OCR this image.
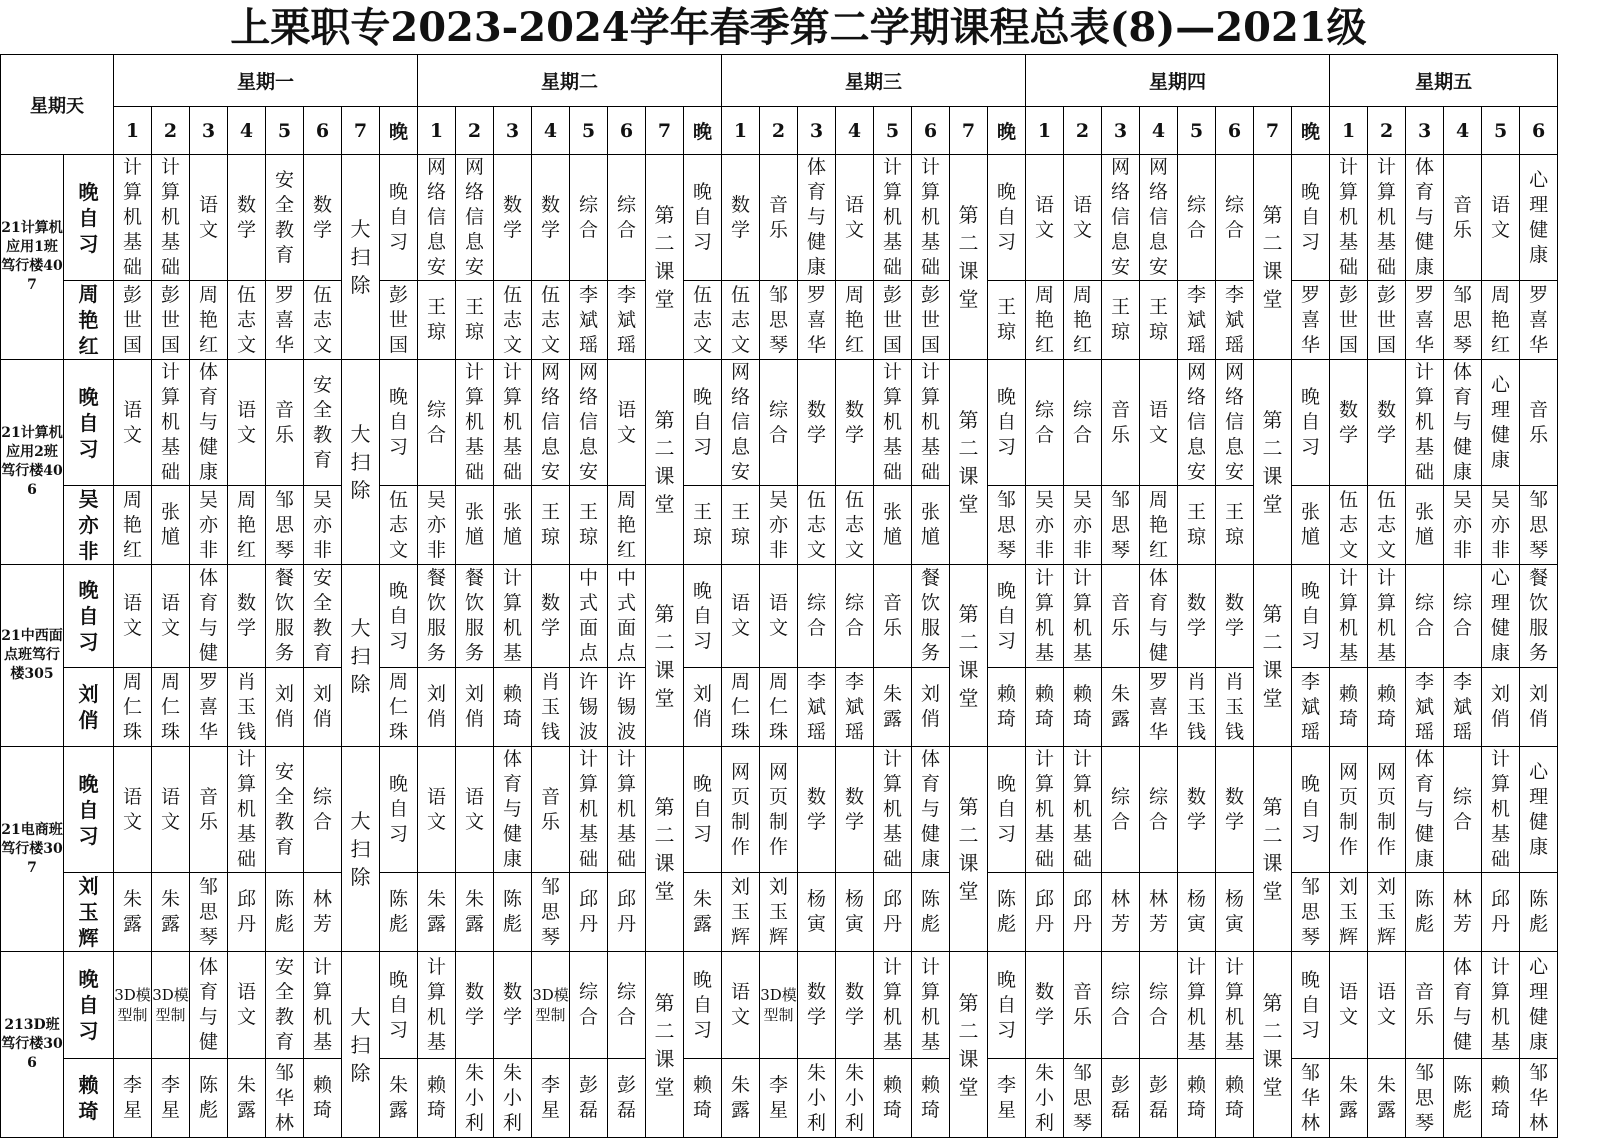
上栗职专2023-2024学年春季第二学期课程总表(8)—2021级
星期天		星期一								星期二								星期三								星期四								星期五					

		1	2	3	4	5	6	7	晚	1	2	3	4	5	6	7	晚	1	2	3	4	5	6	7	晚	1	2	3	4	5	6	7	晚	1	2	3	4	5	6

21计算机应用1班笃行楼407	晚自习	计算机基础	计算机基础	语文	数学	安全教育	数学	大扫除	晚自习	网络信息安	网络信息安	数学	数学	综合	综合	第二课堂	晚自习	数学	音乐	体育与健康	语文	计算机基础	计算机基础	第二课堂	晚自习	语文	语文	网络信息安	网络信息安	综合	综合	第二课堂	晚自习	计算机基础	计算机基础	体育与健康	音乐	语文	心理健康

	周艳红	彭世国	彭世国	周艳红	伍志文	罗喜华	伍志文		彭世国	王琼	王琼	伍志文	伍志文	李斌瑶	李斌瑶		伍志文	伍志文	邹思琴	罗喜华	周艳红	彭世国	彭世国		王琼	周艳红	周艳红	王琼	王琼	李斌瑶	李斌瑶		罗喜华	彭世国	彭世国	罗喜华	邹思琴	周艳红	罗喜华

21计算机应用2班笃行楼406	晚自习	语文	计算机基础	体育与健康	语文	音乐	安全教育	大扫除	晚自习	综合	计算机基础	计算机基础	网络信息安	网络信息安	语文	第二课堂	晚自习	网络信息安	综合	数学	数学	计算机基础	计算机基础	第二课堂	晚自习	综合	综合	音乐	语文	网络信息安	网络信息安	第二课堂	晚自习	数学	数学	计算机基础	体育与健康	心理健康	音乐

	吴亦非	周艳红	张馗	吴亦非	周艳红	邹思琴	吴亦非		伍志文	吴亦非	张馗	张馗	王琼	王琼	周艳红		王琼	王琼	吴亦非	伍志文	伍志文	张馗	张馗		邹思琴	吴亦非	吴亦非	邹思琴	周艳红	王琼	王琼		张馗	伍志文	伍志文	张馗	吴亦非	吴亦非	邹思琴

21中西面点班笃行楼305	晚自习	语文	语文	体育与健	数学	餐饮服务	安全教育	大扫除	晚自习	餐饮服务	餐饮服务	计算机基	数学	中式面点	中式面点	第二课堂	晚自习	语文	语文	综合	综合	音乐	餐饮服务	第二课堂	晚自习	计算机基	计算机基	音乐	体育与健	数学	数学	第二课堂	晚自习	计算机基	计算机基	综合	综合	心理健康	餐饮服务

	刘俏	周仁珠	周仁珠	罗喜华	肖玉钱	刘俏	刘俏		周仁珠	刘俏	刘俏	赖琦	肖玉钱	许锡波	许锡波		刘俏	周仁珠	周仁珠	李斌瑶	李斌瑶	朱露	刘俏		赖琦	赖琦	赖琦	朱露	罗喜华	肖玉钱	肖玉钱		李斌瑶	赖琦	赖琦	李斌瑶	李斌瑶	刘俏	刘俏

21电商班笃行楼307	晚自习	语文	语文	音乐	计算机基础	安全教育	综合	大扫除	晚自习	语文	语文	体育与健康	音乐	计算机基础	计算机基础	第二课堂	晚自习	网页制作	网页制作	数学	数学	计算机基础	体育与健康	第二课堂	晚自习	计算机基础	计算机基础	综合	综合	数学	数学	第二课堂	晚自习	网页制作	网页制作	体育与健康	综合	计算机基础	心理健康

	刘玉辉	朱露	朱露	邹思琴	邱丹	陈彪	林芳		陈彪	朱露	朱露	陈彪	邹思琴	邱丹	邱丹		朱露	刘玉辉	刘玉辉	杨寅	杨寅	邱丹	陈彪		陈彪	邱丹	邱丹	林芳	林芳	杨寅	杨寅		邹思琴	刘玉辉	刘玉辉	陈彪	林芳	邱丹	陈彪

213D班笃行楼306	晚自习	3D模型制	3D模型制	体育与健	语文	安全教育	计算机基	大扫除	晚自习	计算机基	数学	数学	3D模型制	综合	综合	第二课堂	晚自习	语文	3D模型制	数学	数学	计算机基	计算机基	第二课堂	晚自习	数学	音乐	综合	综合	计算机基	计算机基	第二课堂	晚自习	语文	语文	音乐	体育与健	计算机基	心理健康

	赖琦	李星	李星	陈彪	朱露	邹华林	赖琦		朱露	赖琦	朱小利	朱小利	李星	彭磊	彭磊		赖琦	朱露	李星	朱小利	朱小利	赖琦	赖琦		李星	朱小利	邹思琴	彭磊	彭磊	赖琦	赖琦		邹华林	朱露	朱露	邹思琴	陈彪	赖琦	邹华林
